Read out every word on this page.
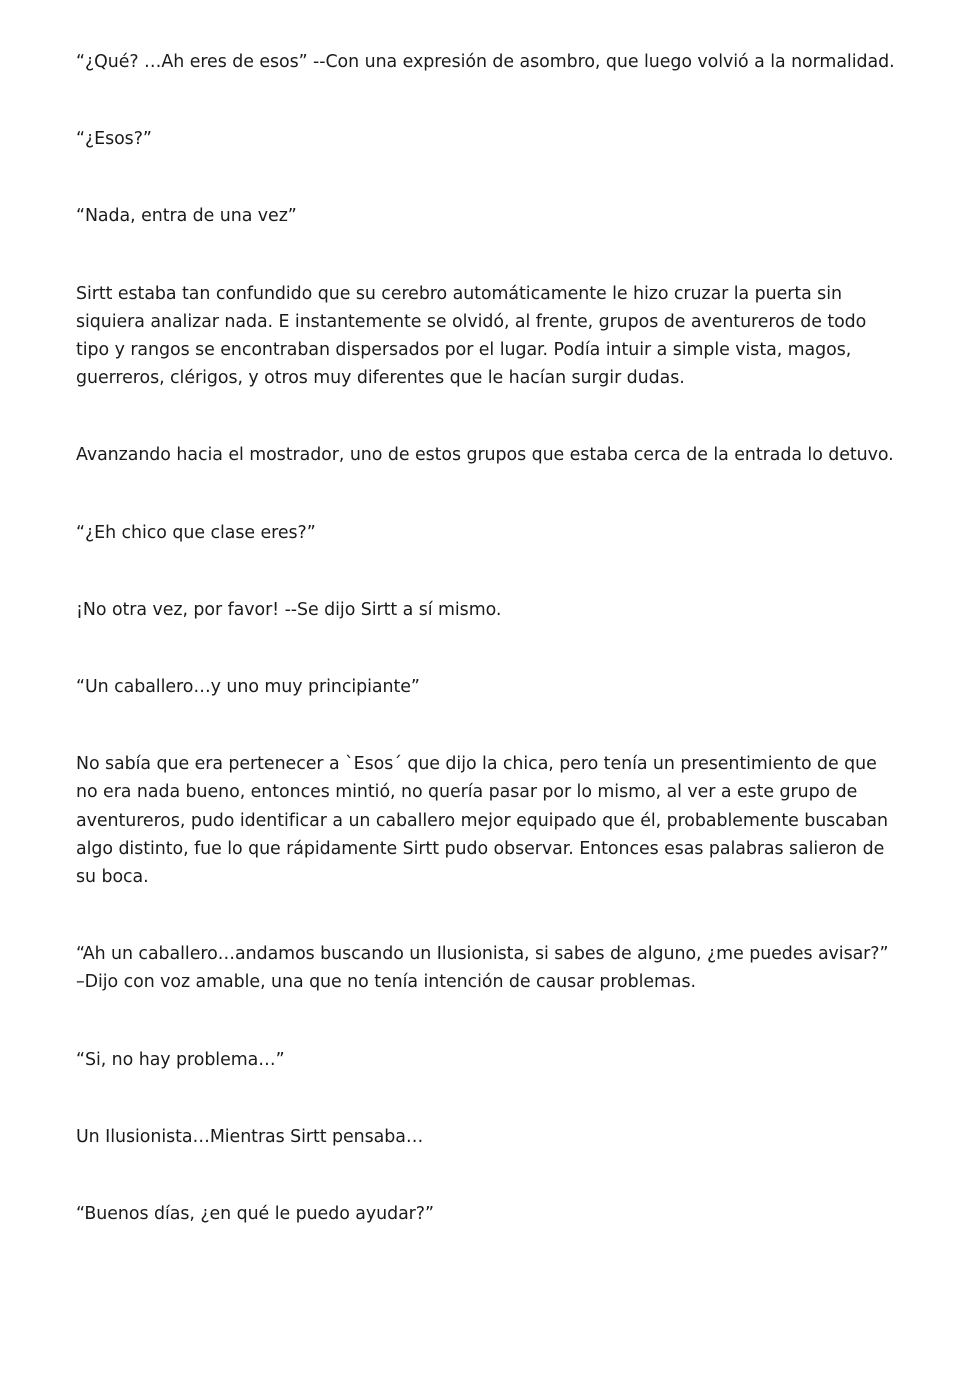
“¿Qué? …Ah eres de esos” --Con una expresión de asombro, que luego volvió a la normalidad.

“¿Esos?”

“Nada, entra de una vez”

Sirtt estaba tan confundido que su cerebro automáticamente le hizo cruzar la puerta sin siquiera analizar nada. E instantemente se olvidó, al frente, grupos de aventureros de todo tipo y rangos se encontraban dispersados por el lugar. Podía intuir a simple vista, magos, guerreros, clérigos, y otros muy diferentes que le hacían surgir dudas.

Avanzando hacia el mostrador, uno de estos grupos que estaba cerca de la entrada lo detuvo.

“¿Eh chico que clase eres?”

¡No otra vez, por favor! --Se dijo Sirtt a sí mismo.

“Un caballero…y uno muy principiante”

No sabía que era pertenecer a `Esos´ que dijo la chica, pero tenía un presentimiento de que no era nada bueno, entonces mintió, no quería pasar por lo mismo, al ver a este grupo de aventureros, pudo identificar a un caballero mejor equipado que él, probablemente buscaban algo distinto, fue lo que rápidamente Sirtt pudo observar. Entonces esas palabras salieron de su boca.

“Ah un caballero…andamos buscando un Ilusionista, si sabes de alguno, ¿me puedes avisar?” –Dijo con voz amable, una que no tenía intención de causar problemas.

“Si, no hay problema…”

Un Ilusionista…Mientras Sirtt pensaba…

“Buenos días, ¿en qué le puedo ayudar?”
